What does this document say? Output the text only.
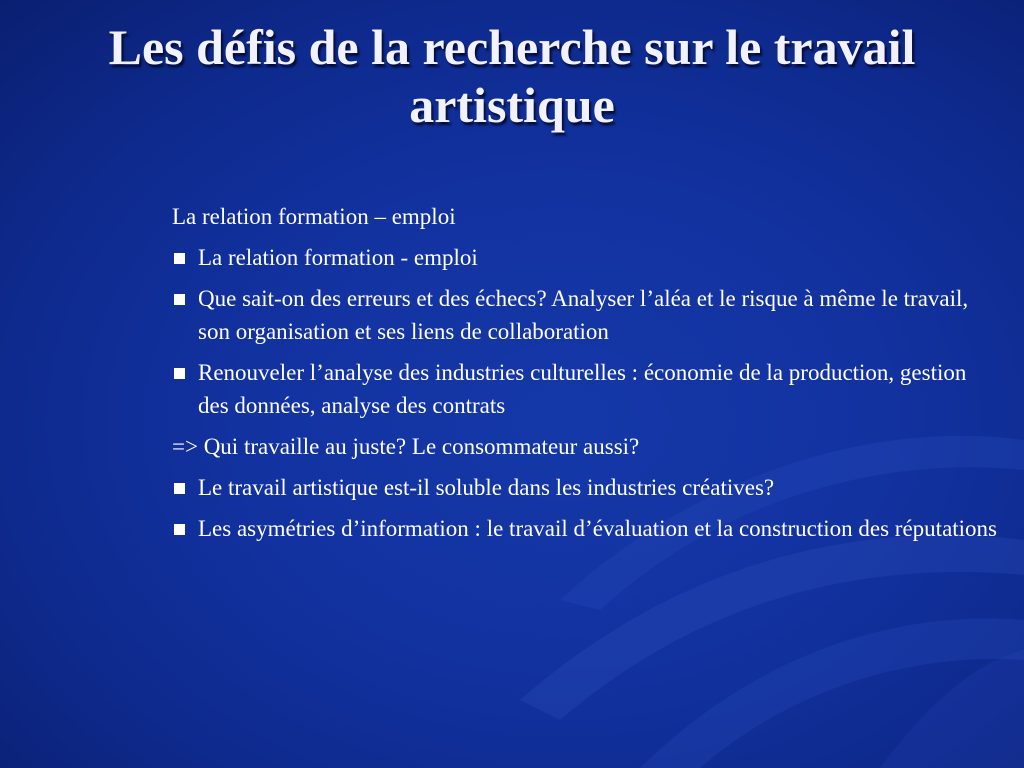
Les défis de la recherche sur le travail artistique
La relation formation – emploi
La relation formation - emploi
Que sait-on des erreurs et des échecs? Analyser l’aléa et le risque à même le travail, son organisation et ses liens de collaboration
Renouveler l’analyse des industries culturelles : économie de la production, gestion des données, analyse des contrats
=> Qui travaille au juste? Le consommateur aussi?
Le travail artistique est-il soluble dans les industries créatives?
Les asymétries d’information : le travail d’évaluation et la construction des réputations
